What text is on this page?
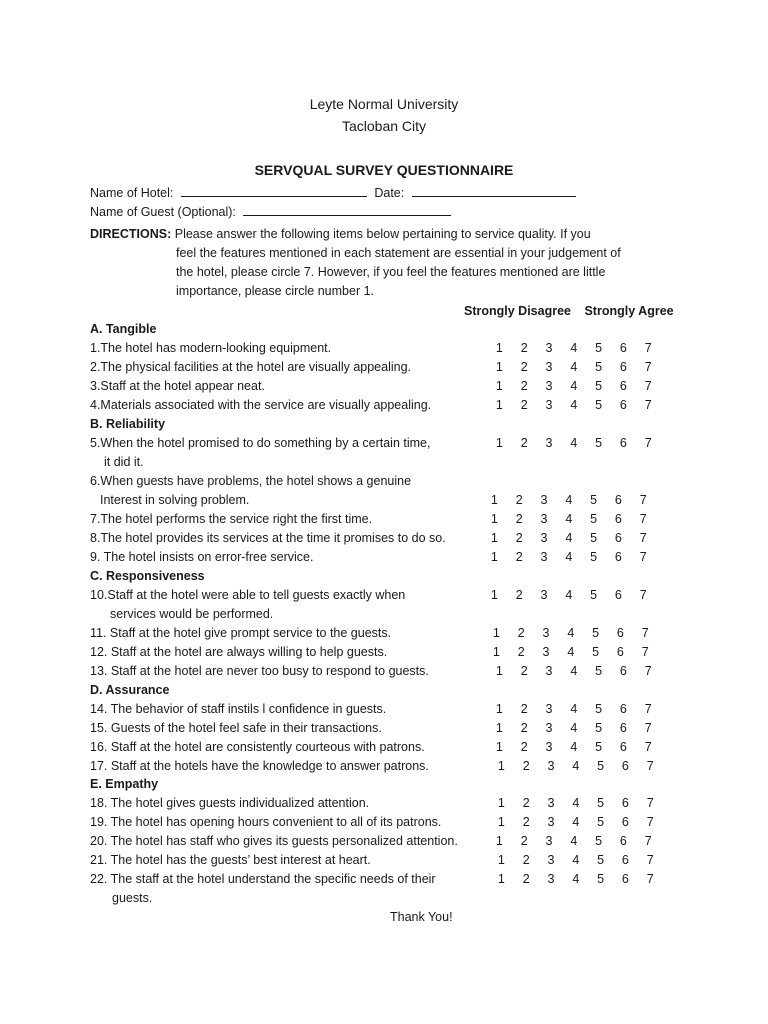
Leyte Normal University
Tacloban City
SERVQUAL SURVEY QUESTIONNAIRE
Name of Hotel:	Date:
Name of Guest (Optional):
DIRECTIONS: Please answer the following items below pertaining to service quality. If you
feel the features mentioned in each statement are essential in your judgement of
the hotel, please circle 7. However, if you feel the features mentioned are little
importance, please circle number 1.
Strongly Disagree Strongly Agree
A. Tangible
B. Reliability
C. Responsiveness
D. Assurance
E. Empathy
1.The hotel has modern-looking equipment.	1	2	3	4	5	6	7
2.The physical facilities at the hotel are visually appealing.	1	2	3	4	5	6	7
3.Staff at the hotel appear neat.	1	2	3	4	5	6	7
4.Materials associated with the service are visually appealing.	1	2	3	4	5	6	7
5.When the hotel promised to do something by a certain time,
it did it.
1	2	3	4	5	6	7
6.When guests have problems, the hotel shows a genuine
Interest in solving problem.	1	2	3	4	5	6	7
7.The hotel performs the service right the first time.	1	2	3	4	5	6	7
8.The hotel provides its services at the time it promises to do so.	1	2	3	4	5	6	7
9. The hotel insists on error-free service.	1	2	3	4	5	6	7
10.Staff at the hotel were able to tell guests exactly when
services would be performed.
1	2	3	4	5	6	7
11. Staff at the hotel give prompt service to the guests.	1	2	3	4	5	6	7
12. Staff at the hotel are always willing to help guests.	1	2	3	4	5	6	7
13. Staff at the hotel are never too busy to respond to guests.	1	2	3	4	5	6	7
14. The behavior of staff instils l confidence in guests.	1	2	3	4	5	6	7
15. Guests of the hotel feel safe in their transactions.	1	2	3	4	5	6	7
16. Staff at the hotel are consistently courteous with patrons.	1	2	3	4	5	6	7
17. Staff at the hotels have the knowledge to answer patrons.	1	2	3	4	5	6	7
18. The hotel gives guests individualized attention.	1	2	3	4	5	6	7
19. The hotel has opening hours convenient to all of its patrons.	1	2	3	4	5	6	7
20. The hotel has staff who gives its guests personalized attention.	1	2	3	4	5	6	7
21. The hotel has the guests’ best interest at heart.	1	2	3	4	5	6	7
22. The staff at the hotel understand the specific needs of their
guests.
1	2	3	4	5	6	7
Thank You!
